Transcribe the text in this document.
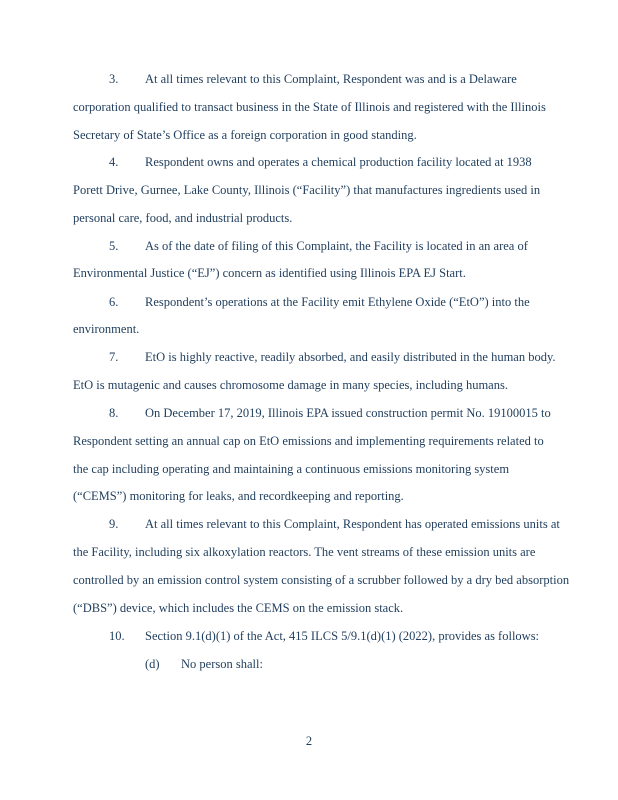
3. At all times relevant to this Complaint, Respondent was and is a Delaware
corporation qualified to transact business in the State of Illinois and registered with the Illinois
Secretary of State’s Office as a foreign corporation in good standing.
4. Respondent owns and operates a chemical production facility located at 1938
Porett Drive, Gurnee, Lake County, Illinois (“Facility”) that manufactures ingredients used in
personal care, food, and industrial products.
5. As of the date of filing of this Complaint, the Facility is located in an area of
Environmental Justice (“EJ”) concern as identified using Illinois EPA EJ Start.
6. Respondent’s operations at the Facility emit Ethylene Oxide (“EtO”) into the
environment.
7. EtO is highly reactive, readily absorbed, and easily distributed in the human body.
EtO is mutagenic and causes chromosome damage in many species, including humans.
8. On December 17, 2019, Illinois EPA issued construction permit No. 19100015 to
Respondent setting an annual cap on EtO emissions and implementing requirements related to
the cap including operating and maintaining a continuous emissions monitoring system
(“CEMS”) monitoring for leaks, and recordkeeping and reporting.
9. At all times relevant to this Complaint, Respondent has operated emissions units at
the Facility, including six alkoxylation reactors. The vent streams of these emission units are
controlled by an emission control system consisting of a scrubber followed by a dry bed absorption
(“DBS”) device, which includes the CEMS on the emission stack.
10. Section 9.1(d)(1) of the Act, 415 ILCS 5/9.1(d)(1) (2022), provides as follows:
(d) No person shall:
2
